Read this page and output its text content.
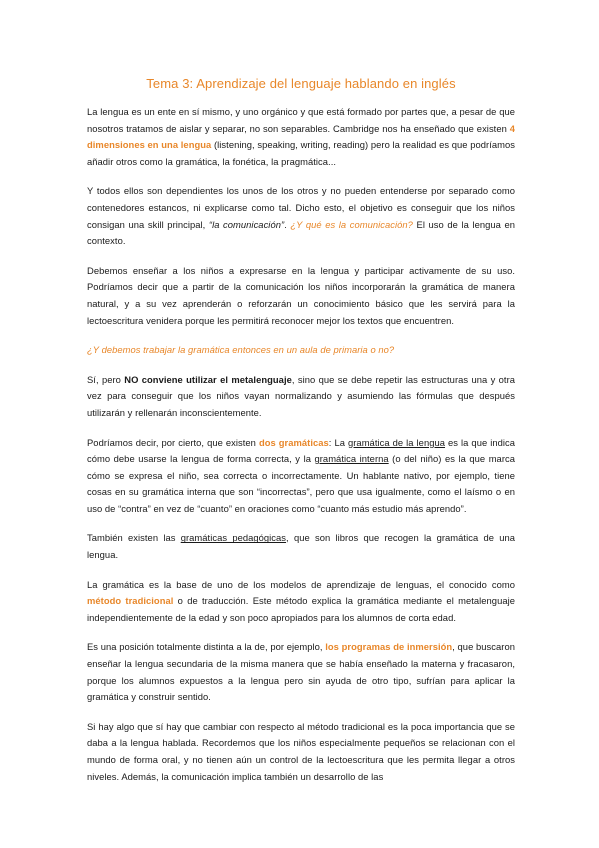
Tema 3: Aprendizaje del lenguaje hablando en inglés

La lengua es un ente en sí mismo, y uno orgánico y que está formado por partes que, a pesar de que nosotros tratamos de aislar y separar, no son separables. Cambridge nos ha enseñado que existen 4 dimensiones en una lengua (listening, speaking, writing, reading) pero la realidad es que podríamos añadir otros como la gramática, la fonética, la pragmática...

Y todos ellos son dependientes los unos de los otros y no pueden entenderse por separado como contenedores estancos, ni explicarse como tal. Dicho esto, el objetivo es conseguir que los niños consigan una skill principal, “la comunicación”. ¿Y qué es la comunicación? El uso de la lengua en contexto.

Debemos enseñar a los niños a expresarse en la lengua y participar activamente de su uso. Podríamos decir que a partir de la comunicación los niños incorporarán la gramática de manera natural, y a su vez aprenderán o reforzarán un conocimiento básico que les servirá para la lectoescritura venidera porque les permitirá reconocer mejor los textos que encuentren.

¿Y debemos trabajar la gramática entonces en un aula de primaria o no?

Sí, pero NO conviene utilizar el metalenguaje, sino que se debe repetir las estructuras una y otra vez para conseguir que los niños vayan normalizando y asumiendo las fórmulas que después utilizarán y rellenarán inconscientemente.

Podríamos decir, por cierto, que existen dos gramáticas: La gramática de la lengua es la que indica cómo debe usarse la lengua de forma correcta, y la gramática interna (o del niño) es la que marca cómo se expresa el niño, sea correcta o incorrectamente. Un hablante nativo, por ejemplo, tiene cosas en su gramática interna que son “incorrectas”, pero que usa igualmente, como el laísmo o en uso de “contra” en vez de “cuanto” en oraciones como “cuanto más estudio más aprendo”.

También existen las gramáticas pedagógicas, que son libros que recogen la gramática de una lengua.

La gramática es la base de uno de los modelos de aprendizaje de lenguas, el conocido como método tradicional o de traducción. Este método explica la gramática mediante el metalenguaje independientemente de la edad y son poco apropiados para los alumnos de corta edad.

Es una posición totalmente distinta a la de, por ejemplo, los programas de inmersión, que buscaron enseñar la lengua secundaria de la misma manera que se había enseñado la materna y fracasaron, porque los alumnos expuestos a la lengua pero sin ayuda de otro tipo, sufrían para aplicar la gramática y construir sentido.

Si hay algo que sí hay que cambiar con respecto al método tradicional es la poca importancia que se daba a la lengua hablada. Recordemos que los niños especialmente pequeños se relacionan con el mundo de forma oral, y no tienen aún un control de la lectoescritura que les permita llegar a otros niveles. Además, la comunicación implica también un desarrollo de las
